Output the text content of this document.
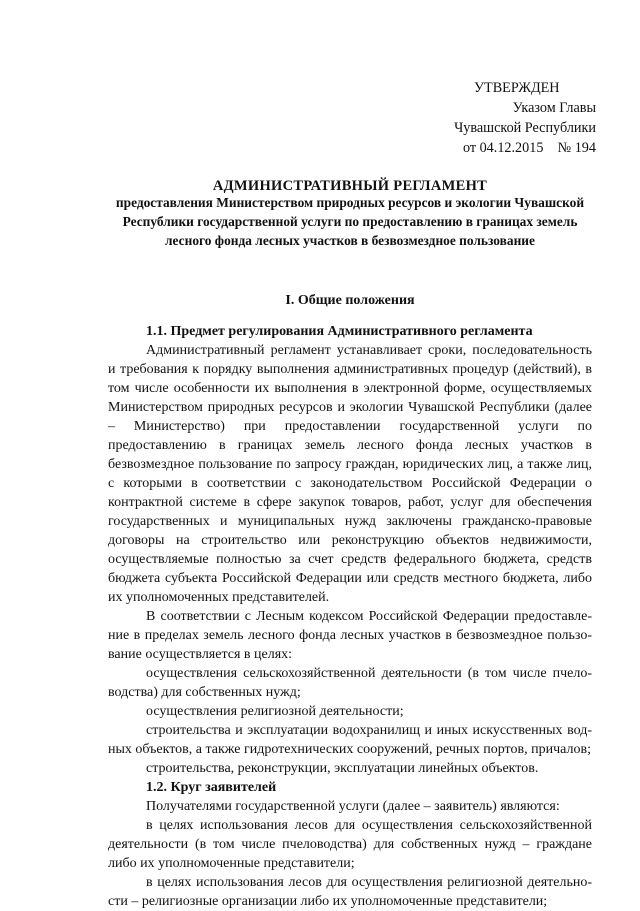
УТВЕРЖДЕН
Указом Главы
Чувашской Республики
от 04.12.2015    № 194
АДМИНИСТРАТИВНЫЙ РЕГЛАМЕНТ
предоставления Министерством природных ресурсов и экологии Чувашской Республики государственной услуги по предоставлению в границах земель лесного фонда лесных участков в безвозмездное пользование
I. Общие положения

1.1. Предмет регулирования Административного регламента

Административный регламент устанавливает сроки, последовательность и требования к порядку выполнения административных процедур (действий), в том числе особенности их выполнения в электронной форме, осуществляемых Министерством природных ресурсов и экологии Чувашской Республики (далее – Министерство) при предоставлении государственной услуги по предоставлению в границах земель лесного фонда лесных участков в безвозмездное пользование по запросу граждан, юридических лиц, а также лиц, с которыми в соответствии с законодательством Российской Федерации о контрактной системе в сфере закупок товаров, работ, услуг для обеспечения государственных и муниципальных нужд заключены гражданско-правовые договоры на строительство или реконструкцию объектов недвижимости, осуществляемые полностью за счет средств федерального бюджета, средств бюджета субъекта Российской Федерации или средств местного бюджета, либо их уполномоченных представителей.

В соответствии с Лесным кодексом Российской Федерации предоставление в пределах земель лесного фонда лесных участков в безвозмездное пользование осуществляется в целях:

осуществления сельскохозяйственной деятельности (в том числе пчеловодства) для собственных нужд;

осуществления религиозной деятельности;

строительства и эксплуатации водохранилищ и иных искусственных водных объектов, а также гидротехнических сооружений, речных портов, причалов;

строительства, реконструкции, эксплуатации линейных объектов.

1.2. Круг заявителей

Получателями государственной услуги (далее – заявитель) являются:

в целях использования лесов для осуществления сельскохозяйственной деятельности (в том числе пчеловодства) для собственных нужд – граждане либо их уполномоченные представители;

в целях использования лесов для осуществления религиозной деятельности – религиозные организации либо их уполномоченные представители;
